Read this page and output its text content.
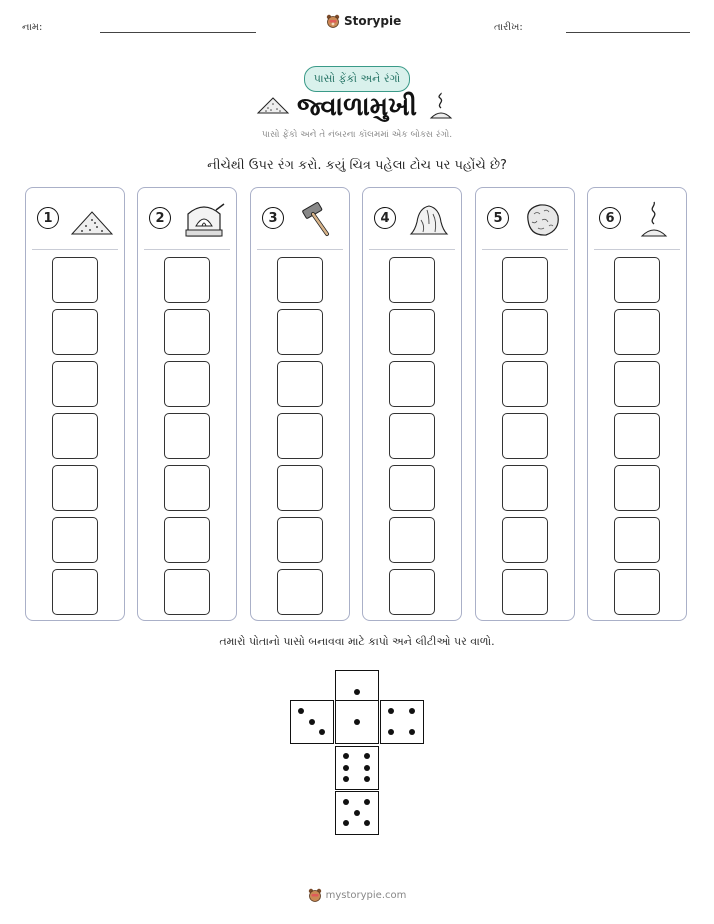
નામ:	Storypie	તારીખ:
પાસો ફેંકો અને રંગો
જ્વાળામુખી
પાસો ફેંકો અને તે નંબરના કૉલમમાં એક બોક્સ રંગો.
નીચેથી ઉપર રંગ કરો. કયું ચિત્ર પહેલા ટોચ પર પહોંચે છે?
1	2	3	4	5	6
તમારો પોતાનો પાસો બનાવવા માટે કાપો અને લીટીઓ પર વાળો.
mystorypie.com
